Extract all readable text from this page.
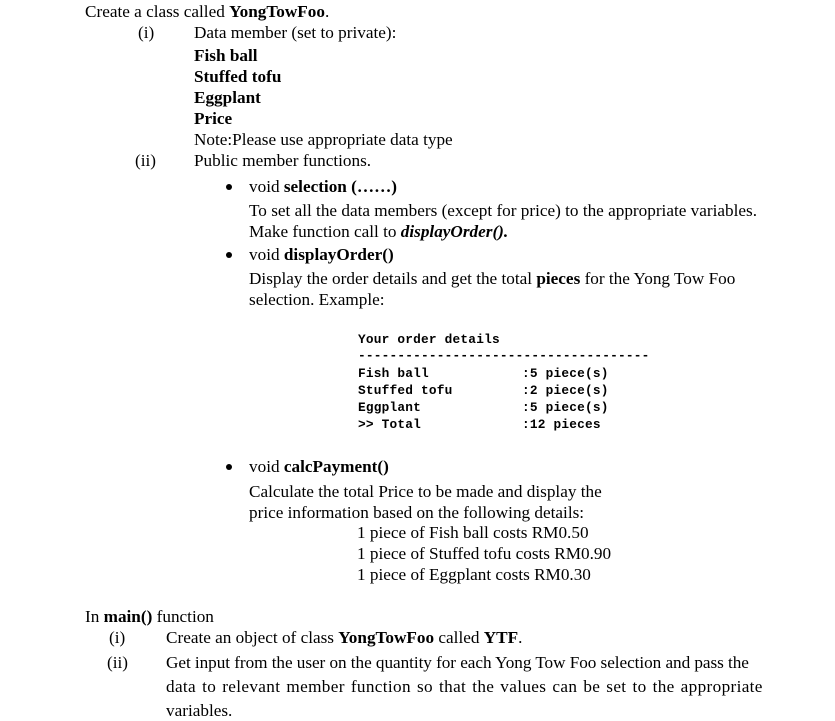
Create a class called YongTowFoo.
(i) Data member (set to private):
Fish ball
Stuffed tofu
Eggplant
Price
Note:Please use appropriate data type
(ii) Public member functions.
void selection (……)
To set all the data members (except for price) to the appropriate variables.
Make function call to displayOrder().
void displayOrder()
Display the order details and get the total pieces for the Yong Tow Foo
selection. Example:
Your order details
-------------------------------------
Fish ball	:5 piece(s)
Stuffed tofu	:2 piece(s)
Eggplant	:5 piece(s)
>> Total	:12 pieces
void calcPayment()
Calculate the total Price to be made and display the
price information based on the following details:
1 piece of Fish ball costs RM0.50
1 piece of Stuffed tofu costs RM0.90
1 piece of Eggplant costs RM0.30
In main() function
(i) Create an object of class YongTowFoo called YTF.
(ii) Get input from the user on the quantity for each Yong Tow Foo selection and pass the
data to relevant member function so that the values can be set to the appropriate
variables.
